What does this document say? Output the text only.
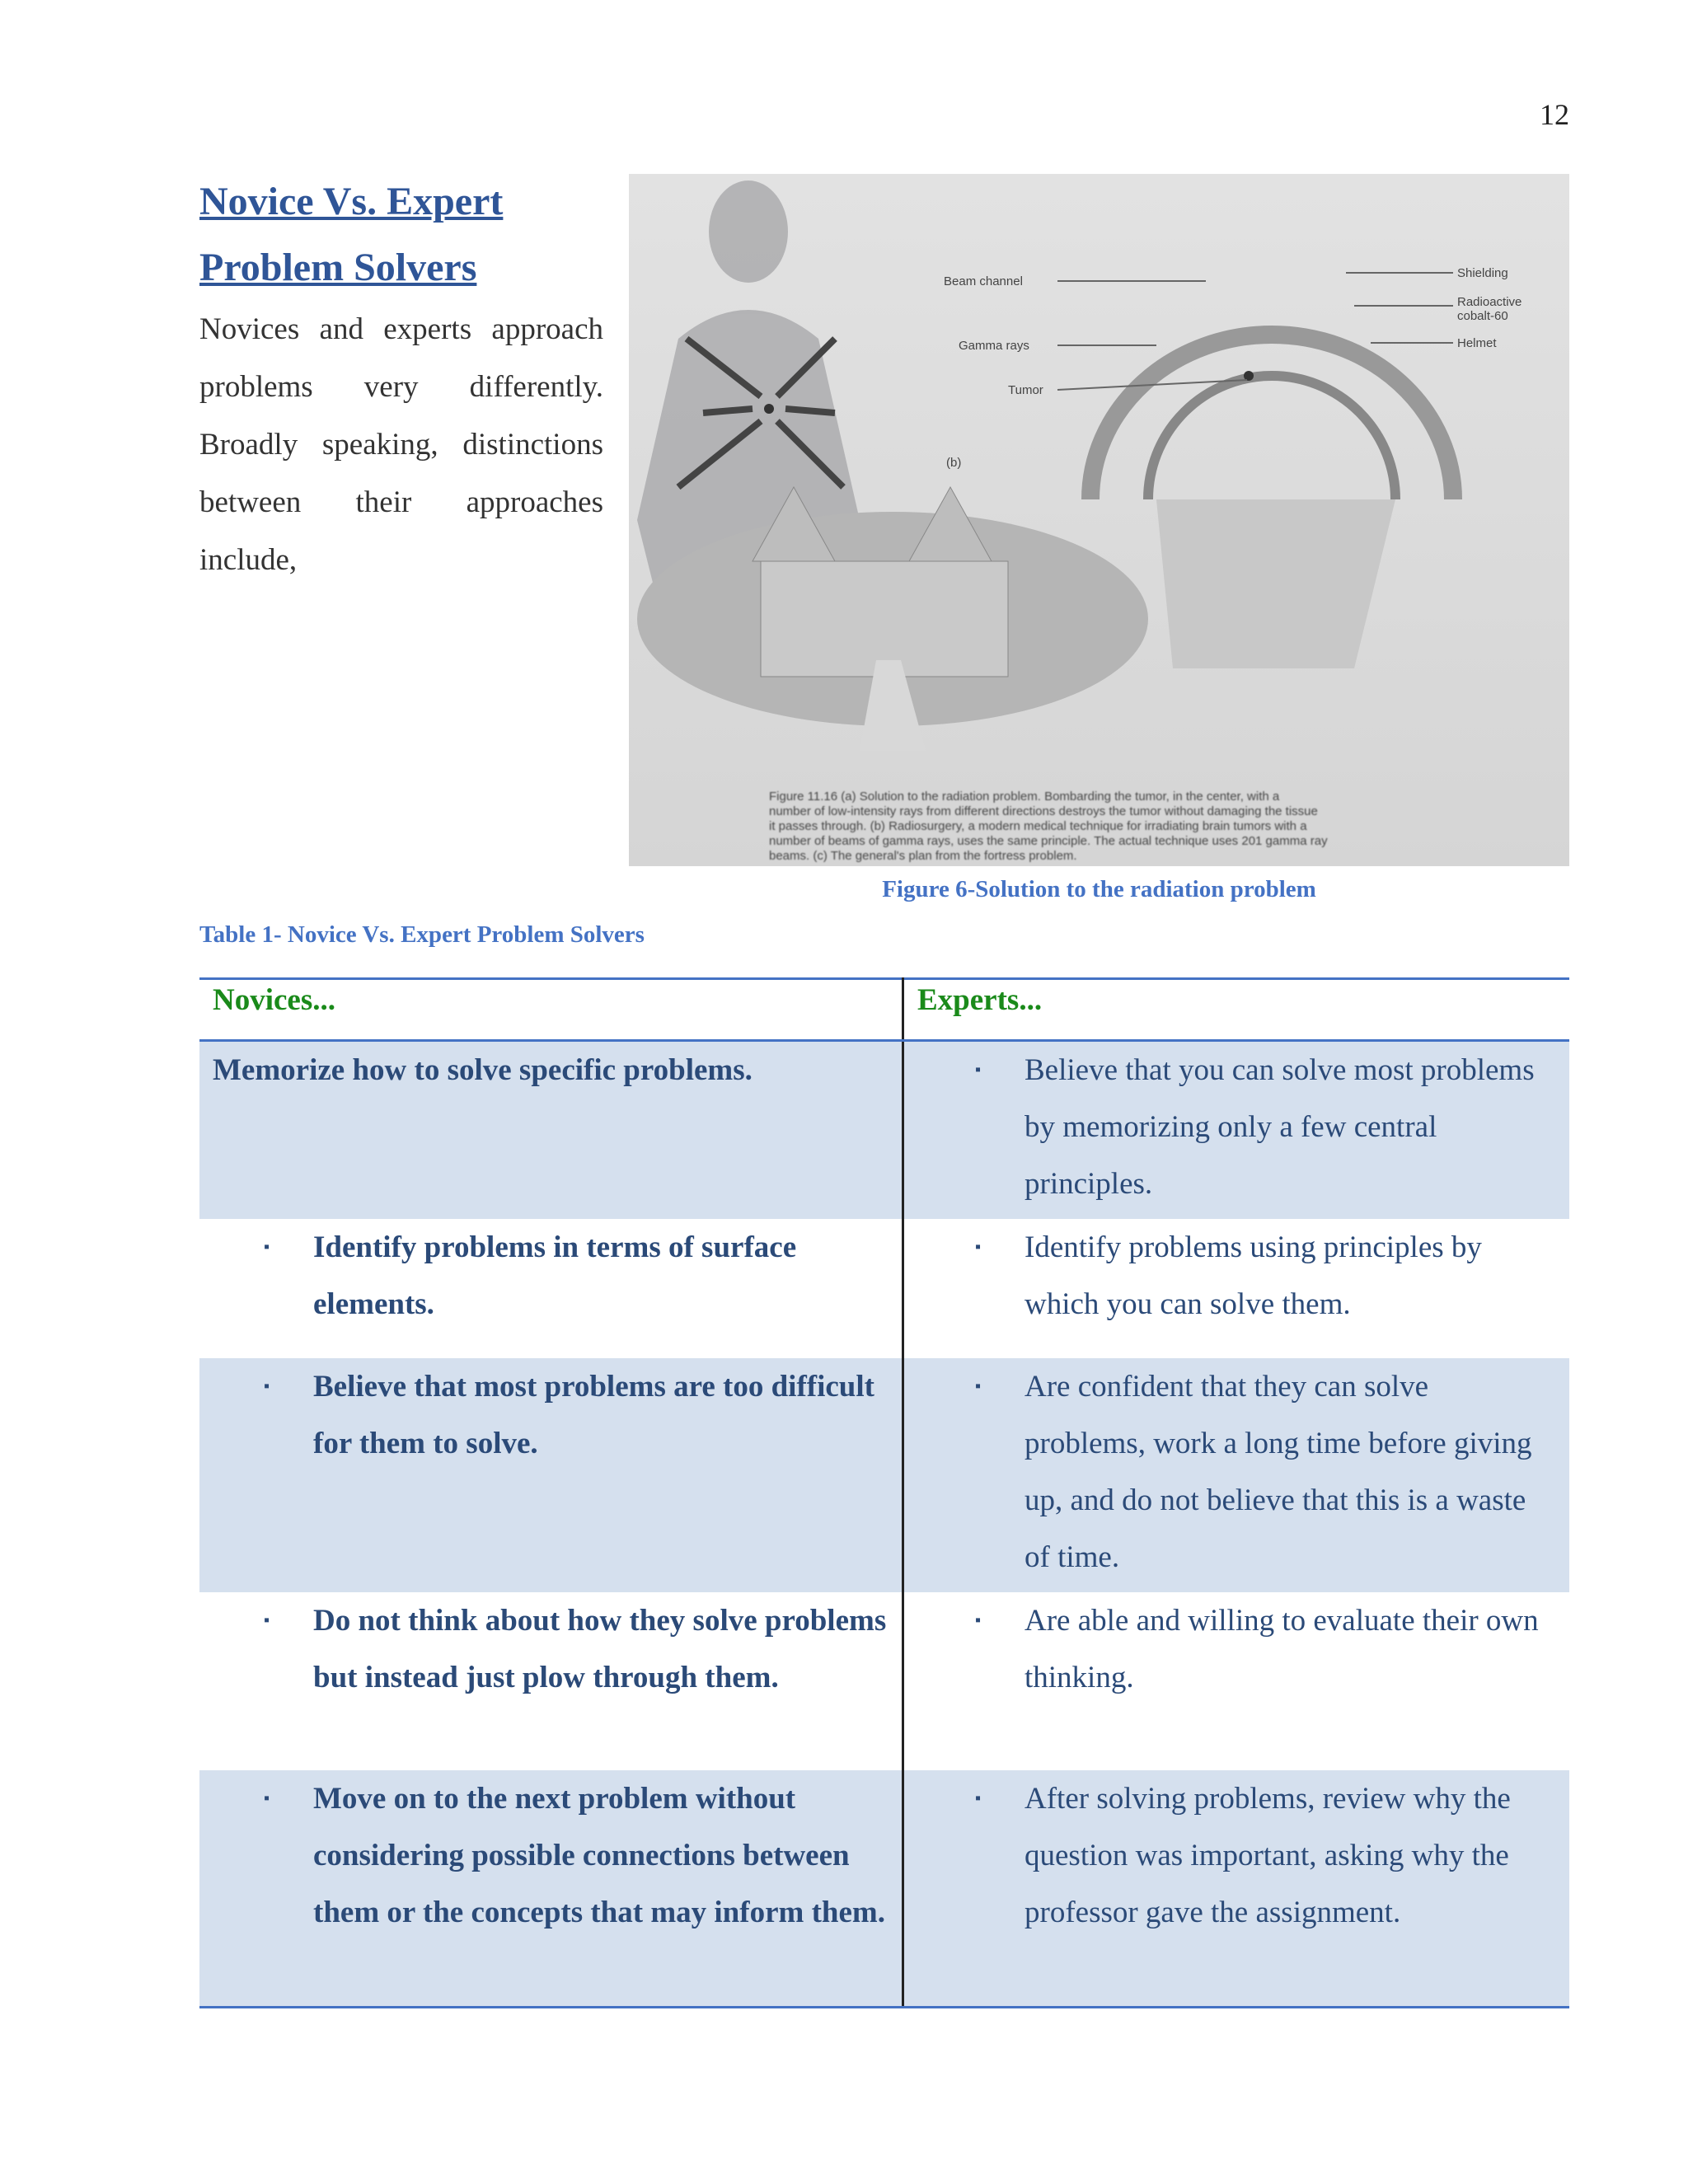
12
Novice Vs. Expert
Problem Solvers
Novices and experts approach problems very differently. Broadly speaking, distinctions between their approaches include,
Beam channel
Gamma rays
Tumor
Shielding
Radioactive
cobalt-60
Helmet
(b)
Figure 11.16 (a) Solution to the radiation problem. Bombarding the tumor, in the center, with a
number of low-intensity rays from different directions destroys the tumor without damaging the tissue
it passes through. (b) Radiosurgery, a modern medical technique for irradiating brain tumors with a
number of beams of gamma rays, uses the same principle. The actual technique uses 201 gamma ray
beams. (c) The general's plan from the fortress problem.
Figure 6-Solution to the radiation problem
Table 1- Novice Vs. Expert Problem Solvers
Novices...	Experts...

Memorize how to solve specific problems.	▪ Believe that you can solve most problems by memorizing only a few central principles.

▪ Identify problems in terms of surface elements.	▪ Identify problems using principles by which you can solve them.

▪ Believe that most problems are too difficult for them to solve.	▪ Are confident that they can solve problems, work a long time before giving up, and do not believe that this is a waste of time.

▪ Do not think about how they solve problems but instead just plow through them.	▪ Are able and willing to evaluate their own thinking.

▪ Move on to the next problem without considering possible connections between them or the concepts that may inform them.	▪ After solving problems, review why the question was important, asking why the professor gave the assignment.
